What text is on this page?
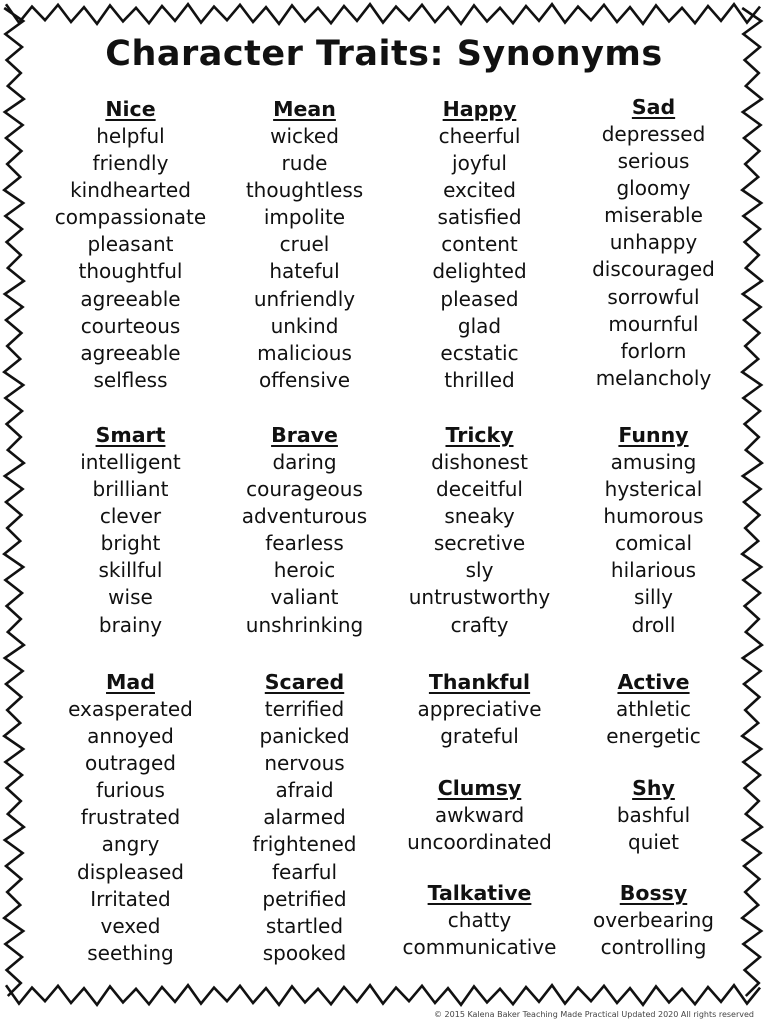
Character Traits: Synonyms
Nice
helpful
friendly
kindhearted
compassionate
pleasant
thoughtful
agreeable
courteous
agreeable
selfless
Smart
intelligent
brilliant
clever
bright
skillful
wise
brainy
Mad
exasperated
annoyed
outraged
furious
frustrated
angry
displeased
Irritated
vexed
seething
Mean
wicked
rude
thoughtless
impolite
cruel
hateful
unfriendly
unkind
malicious
offensive
Brave
daring
courageous
adventurous
fearless
heroic
valiant
unshrinking
Scared
terrified
panicked
nervous
afraid
alarmed
frightened
fearful
petrified
startled
spooked
Happy
cheerful
joyful
excited
satisfied
content
delighted
pleased
glad
ecstatic
thrilled
Tricky
dishonest
deceitful
sneaky
secretive
sly
untrustworthy
crafty
Thankful
appreciative
grateful
Clumsy
awkward
uncoordinated
Talkative
chatty
communicative
Sad
depressed
serious
gloomy
miserable
unhappy
discouraged
sorrowful
mournful
forlorn
melancholy
Funny
amusing
hysterical
humorous
comical
hilarious
silly
droll
Active
athletic
energetic
Shy
bashful
quiet
Bossy
overbearing
controlling
© 2015 Kalena Baker Teaching Made Practical Updated 2020 All rights reserved
